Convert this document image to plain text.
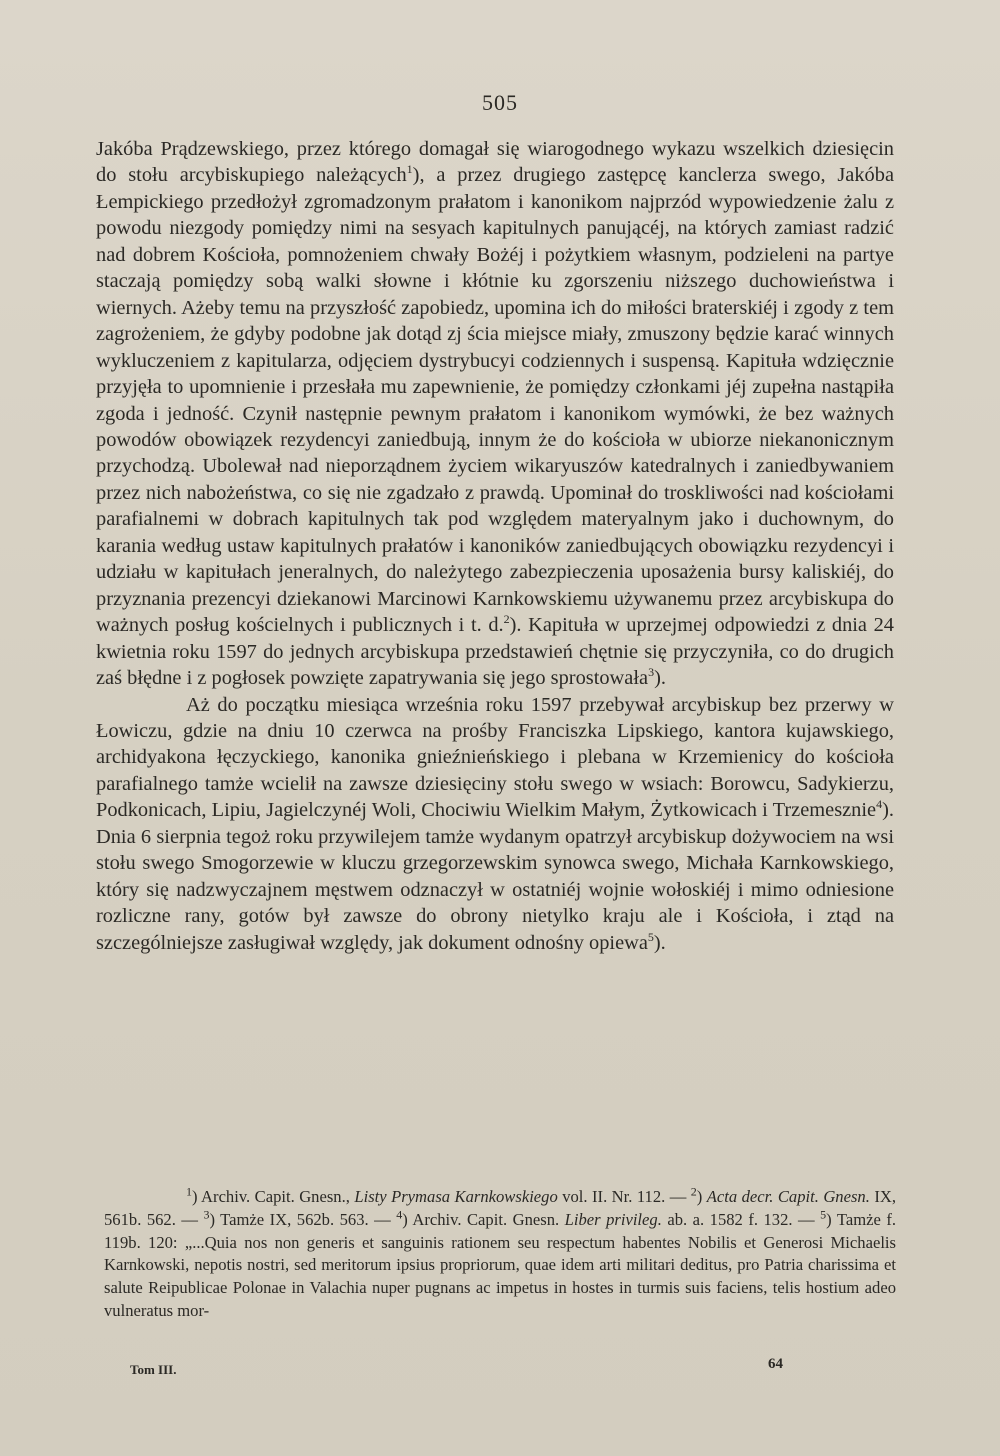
505

Jakóba Prądzewskiego, przez którego domagał się wiarogodnego wykazu wszelkich dziesięcin do stołu arcybiskupiego należących$^1$), a przez drugiego zastępcę kanclerza swego, Jakóba Łempickiego przedłożył zgromadzonym prałatom i kanonikom najprzód wypowiedzenie żalu z powodu niezgody pomiędzy nimi na sesyach kapitulnych panującéj, na których zamiast radzić nad dobrem Kościoła, pomnożeniem chwały Bożéj i pożytkiem własnym, podzieleni na partye staczają pomiędzy sobą walki słowne i kłótnie ku zgorszeniu niższego duchowieństwa i wiernych. Ażeby temu na przyszłość zapobiedz, upomina ich do miłości braterskiéj i zgody z tem zagrożeniem, że gdyby podobne jak dotąd zj ścia miejsce miały, zmuszony będzie karać winnych wykluczeniem z kapitularza, odjęciem dystrybucyi codziennych i suspensą. Kapituła wdzięcznie przyjęła to upomnienie i przesłała mu zapewnienie, że pomiędzy członkami jéj zupełna nastąpiła zgoda i jedność. Czynił następnie pewnym prałatom i kanonikom wymówki, że bez ważnych powodów obowiązek rezydencyi zaniedbują, innym że do kościoła w ubiorze niekanonicznym przychodzą. Ubolewał nad nieporządnem życiem wikaryuszów katedralnych i zaniedbywaniem przez nich nabożeństwa, co się nie zgadzało z prawdą. Upominał do troskliwości nad kościołami parafialnemi w dobrach kapitulnych tak pod względem materyalnym jako i duchownym, do karania według ustaw kapitulnych prałatów i kanoników zaniedbujących obowiązku rezydencyi i udziału w kapitułach jeneralnych, do należytego zabezpieczenia uposażenia bursy kaliskiéj, do przyznania prezencyi dziekanowi Marcinowi Karnkowskiemu używanemu przez arcybiskupa do ważnych posług kościelnych i publicznych i t. d.$^2$). Kapituła w uprzejmej odpowiedzi z dnia 24 kwietnia roku 1597 do jednych arcybiskupa przedstawień chętnie się przyczyniła, co do drugich zaś błędne i z pogłosek powzięte zapatrywania się jego sprostowała$^3$).

Aż do początku miesiąca września roku 1597 przebywał arcybiskup bez przerwy w Łowiczu, gdzie na dniu 10 czerwca na prośby Franciszka Lipskiego, kantora kujawskiego, archidyakona łęczyckiego, kanonika gnieźnieńskiego i plebana w Krzemienicy do kościoła parafialnego tamże wcielił na zawsze dziesięciny stołu swego w wsiach: Borowcu, Sadykierzu, Podkonicach, Lipiu, Jagielczynéj Woli, Chociwiu Wielkim Małym, Żytkowicach i Trzemesznie$^4$). Dnia 6 sierpnia tegoż roku przywilejem tamże wydanym opatrzył arcybiskup dożywociem na wsi stołu swego Smogorzewie w kluczu grzegorzewskim synowca swego, Michała Karnkowskiego, który się nadzwyczajnem męstwem odznaczył w ostatniéj wojnie wołoskiéj i mimo odniesione rozliczne rany, gotów był zawsze do obrony nietylko kraju ale i Kościoła, i ztąd na szczególniejsze zasługiwał względy, jak dokument odnośny opiewa$^5$).

$^1$) Archiv. Capit. Gnesn., Listy Prymasa Karnkowskiego vol. II. Nr. 112. — $^2$) Acta decr. Capit. Gnesn. IX, 561b. 562. — $^3$) Tamże IX, 562b. 563. — $^4$) Archiv. Capit. Gnesn. Liber privileg. ab. a. 1582 f. 132. — $^5$) Tamże f. 119b. 120: „...Quia nos non generis et sanguinis rationem seu respectum habentes Nobilis et Generosi Michaelis Karnkowski, nepotis nostri, sed meritorum ipsius propriorum, quae idem arti militari deditus, pro Patria charissima et salute Reipublicae Polonae in Valachia nuper pugnans ac impetus in hostes in turmis suis faciens, telis hostium adeo vulneratus mor-

Tom III.	64
